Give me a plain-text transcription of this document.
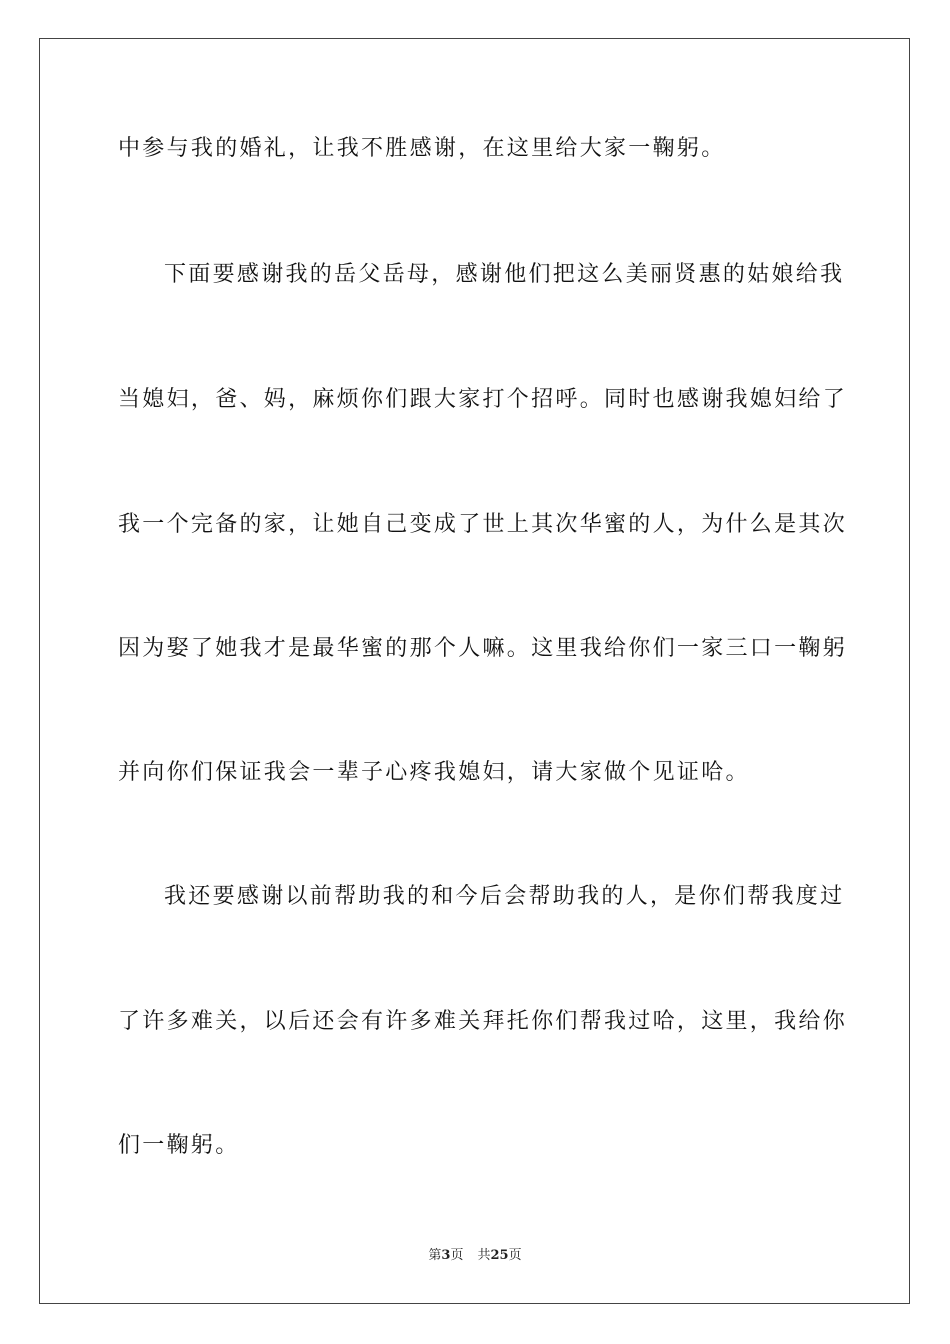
中参与我的婚礼，让我不胜感谢，在这里给大家一鞠躬。
下面要感谢我的岳父岳母，感谢他们把这么美丽贤惠的姑娘给我
当媳妇，爸、妈，麻烦你们跟大家打个招呼。同时也感谢我媳妇给了
我一个完备的家，让她自己变成了世上其次华蜜的人，为什么是其次
因为娶了她我才是最华蜜的那个人嘛。这里我给你们一家三口一鞠躬
并向你们保证我会一辈子心疼我媳妇，请大家做个见证哈。
我还要感谢以前帮助我的和今后会帮助我的人，是你们帮我度过
了许多难关，以后还会有许多难关拜托你们帮我过哈，这里，我给你
们一鞠躬。
第3页 共25页
